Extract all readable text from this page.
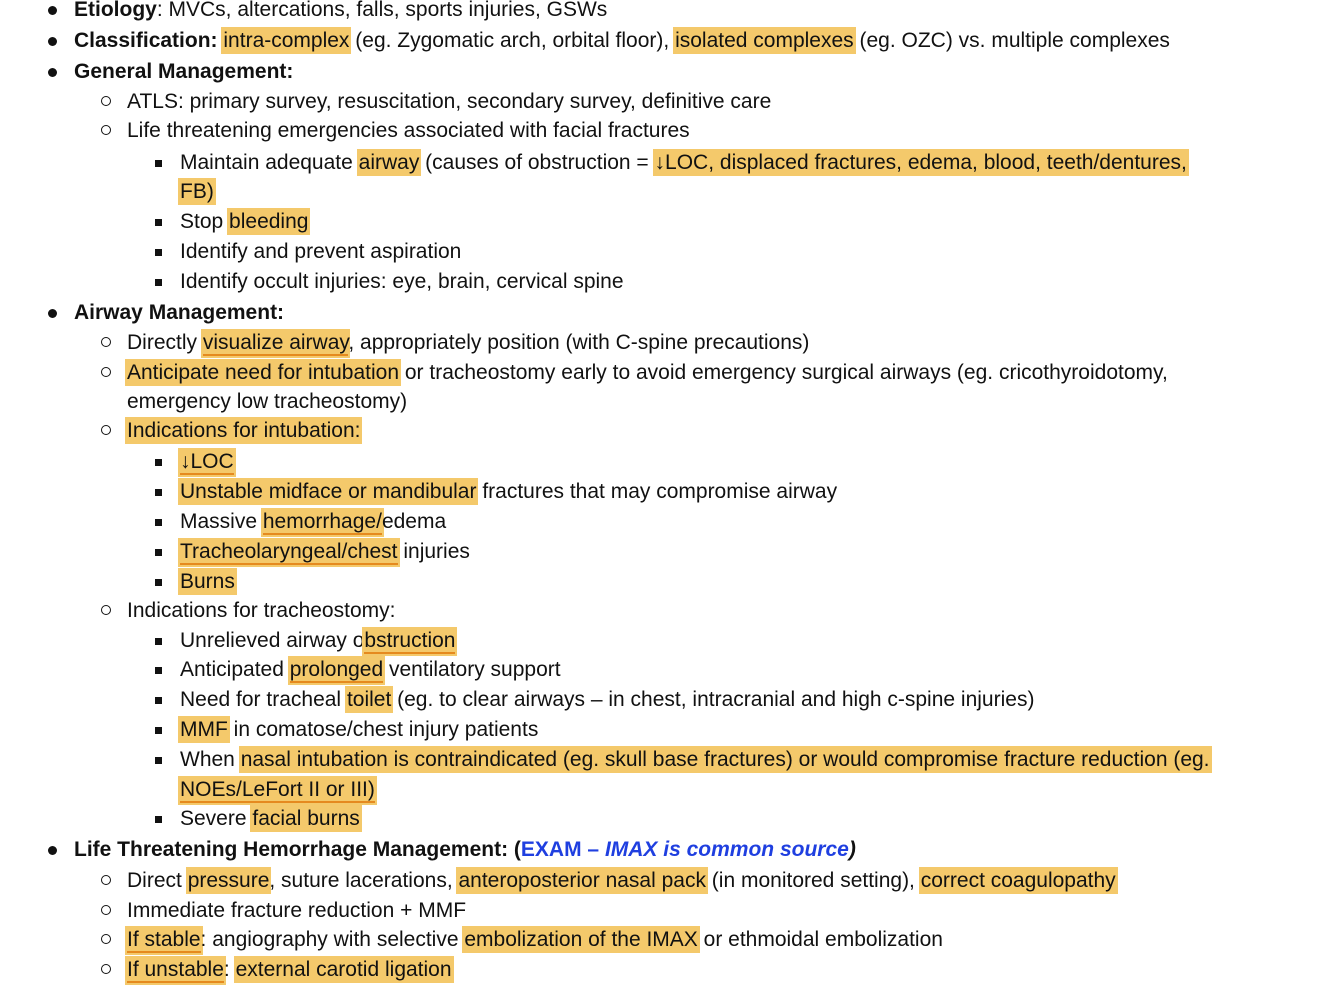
Etiology: MVCs, altercations, falls, sports injuries, GSWs
Classification: intra-complex (eg. Zygomatic arch, orbital floor), isolated complexes (eg. OZC) vs. multiple complexes
General Management:
ATLS: primary survey, resuscitation, secondary survey, definitive care
Life threatening emergencies associated with facial fractures
Maintain adequate airway (causes of obstruction = ↓LOC, displaced fractures, edema, blood, teeth/dentures,
FB)
Stop bleeding
Identify and prevent aspiration
Identify occult injuries: eye, brain, cervical spine
Airway Management:
Directly visualize airway, appropriately position (with C-spine precautions)
Anticipate need for intubation or tracheostomy early to avoid emergency surgical airways (eg. cricothyroidotomy,
emergency low tracheostomy)
Indications for intubation:
↓LOC
Unstable midface or mandibular fractures that may compromise airway
Massive hemorrhage/edema
Tracheolaryngeal/chest injuries
Burns
Indications for tracheostomy:
Unrelieved airway obstruction
Anticipated prolonged ventilatory support
Need for tracheal toilet (eg. to clear airways – in chest, intracranial and high c-spine injuries)
MMF in comatose/chest injury patients
When nasal intubation is contraindicated (eg. skull base fractures) or would compromise fracture reduction (eg.
NOEs/LeFort II or III)
Severe facial burns
Life Threatening Hemorrhage Management: (EXAM – IMAX is common source)
Direct pressure, suture lacerations, anteroposterior nasal pack (in monitored setting), correct coagulopathy
Immediate fracture reduction + MMF
If stable: angiography with selective embolization of the IMAX or ethmoidal embolization
If unstable: external carotid ligation
